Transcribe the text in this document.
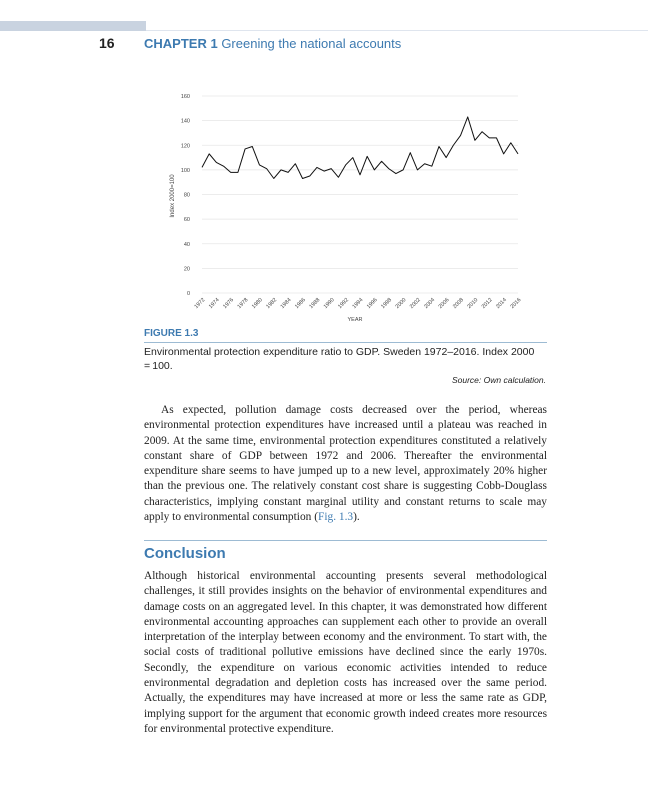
16 CHAPTER 1 Greening the national accounts
0
20
40
60
80
100
120
140
160
1972 1974 1976 1978 1980 1982 1984 1986 1988 1990 1992 1994 1996 1998 2000 2002 2004 2006 2008 2010 2012 2014 2016
Index 2000=100
YEAR
FIGURE 1.3
Environmental protection expenditure ratio to GDP. Sweden 1972–2016. Index 2000 = 100.
Source: Own calculation.
As expected, pollution damage costs decreased over the period, whereas environmental protection expenditures have increased until a plateau was reached in 2009. At the same time, environmental protection expenditures constituted a relatively constant share of GDP between 1972 and 2006. Thereafter the environmental expenditure share seems to have jumped up to a new level, approximately 20% higher than the previous one. The relatively constant cost share is suggesting Cobb-Douglass characteristics, implying constant marginal utility and constant returns to scale may apply to environmental consumption (Fig. 1.3).
Conclusion
Although historical environmental accounting presents several methodological challenges, it still provides insights on the behavior of environmental expenditures and damage costs on an aggregated level. In this chapter, it was demonstrated how different environmental accounting approaches can supplement each other to provide an overall interpretation of the interplay between economy and the environment. To start with, the social costs of traditional pollutive emissions have declined since the early 1970s. Secondly, the expenditure on various economic activities intended to reduce environmental degradation and depletion costs has increased over the same period. Actually, the expenditures may have increased at more or less the same rate as GDP, implying support for the argument that economic growth indeed creates more resources for environmental protective expenditure.
